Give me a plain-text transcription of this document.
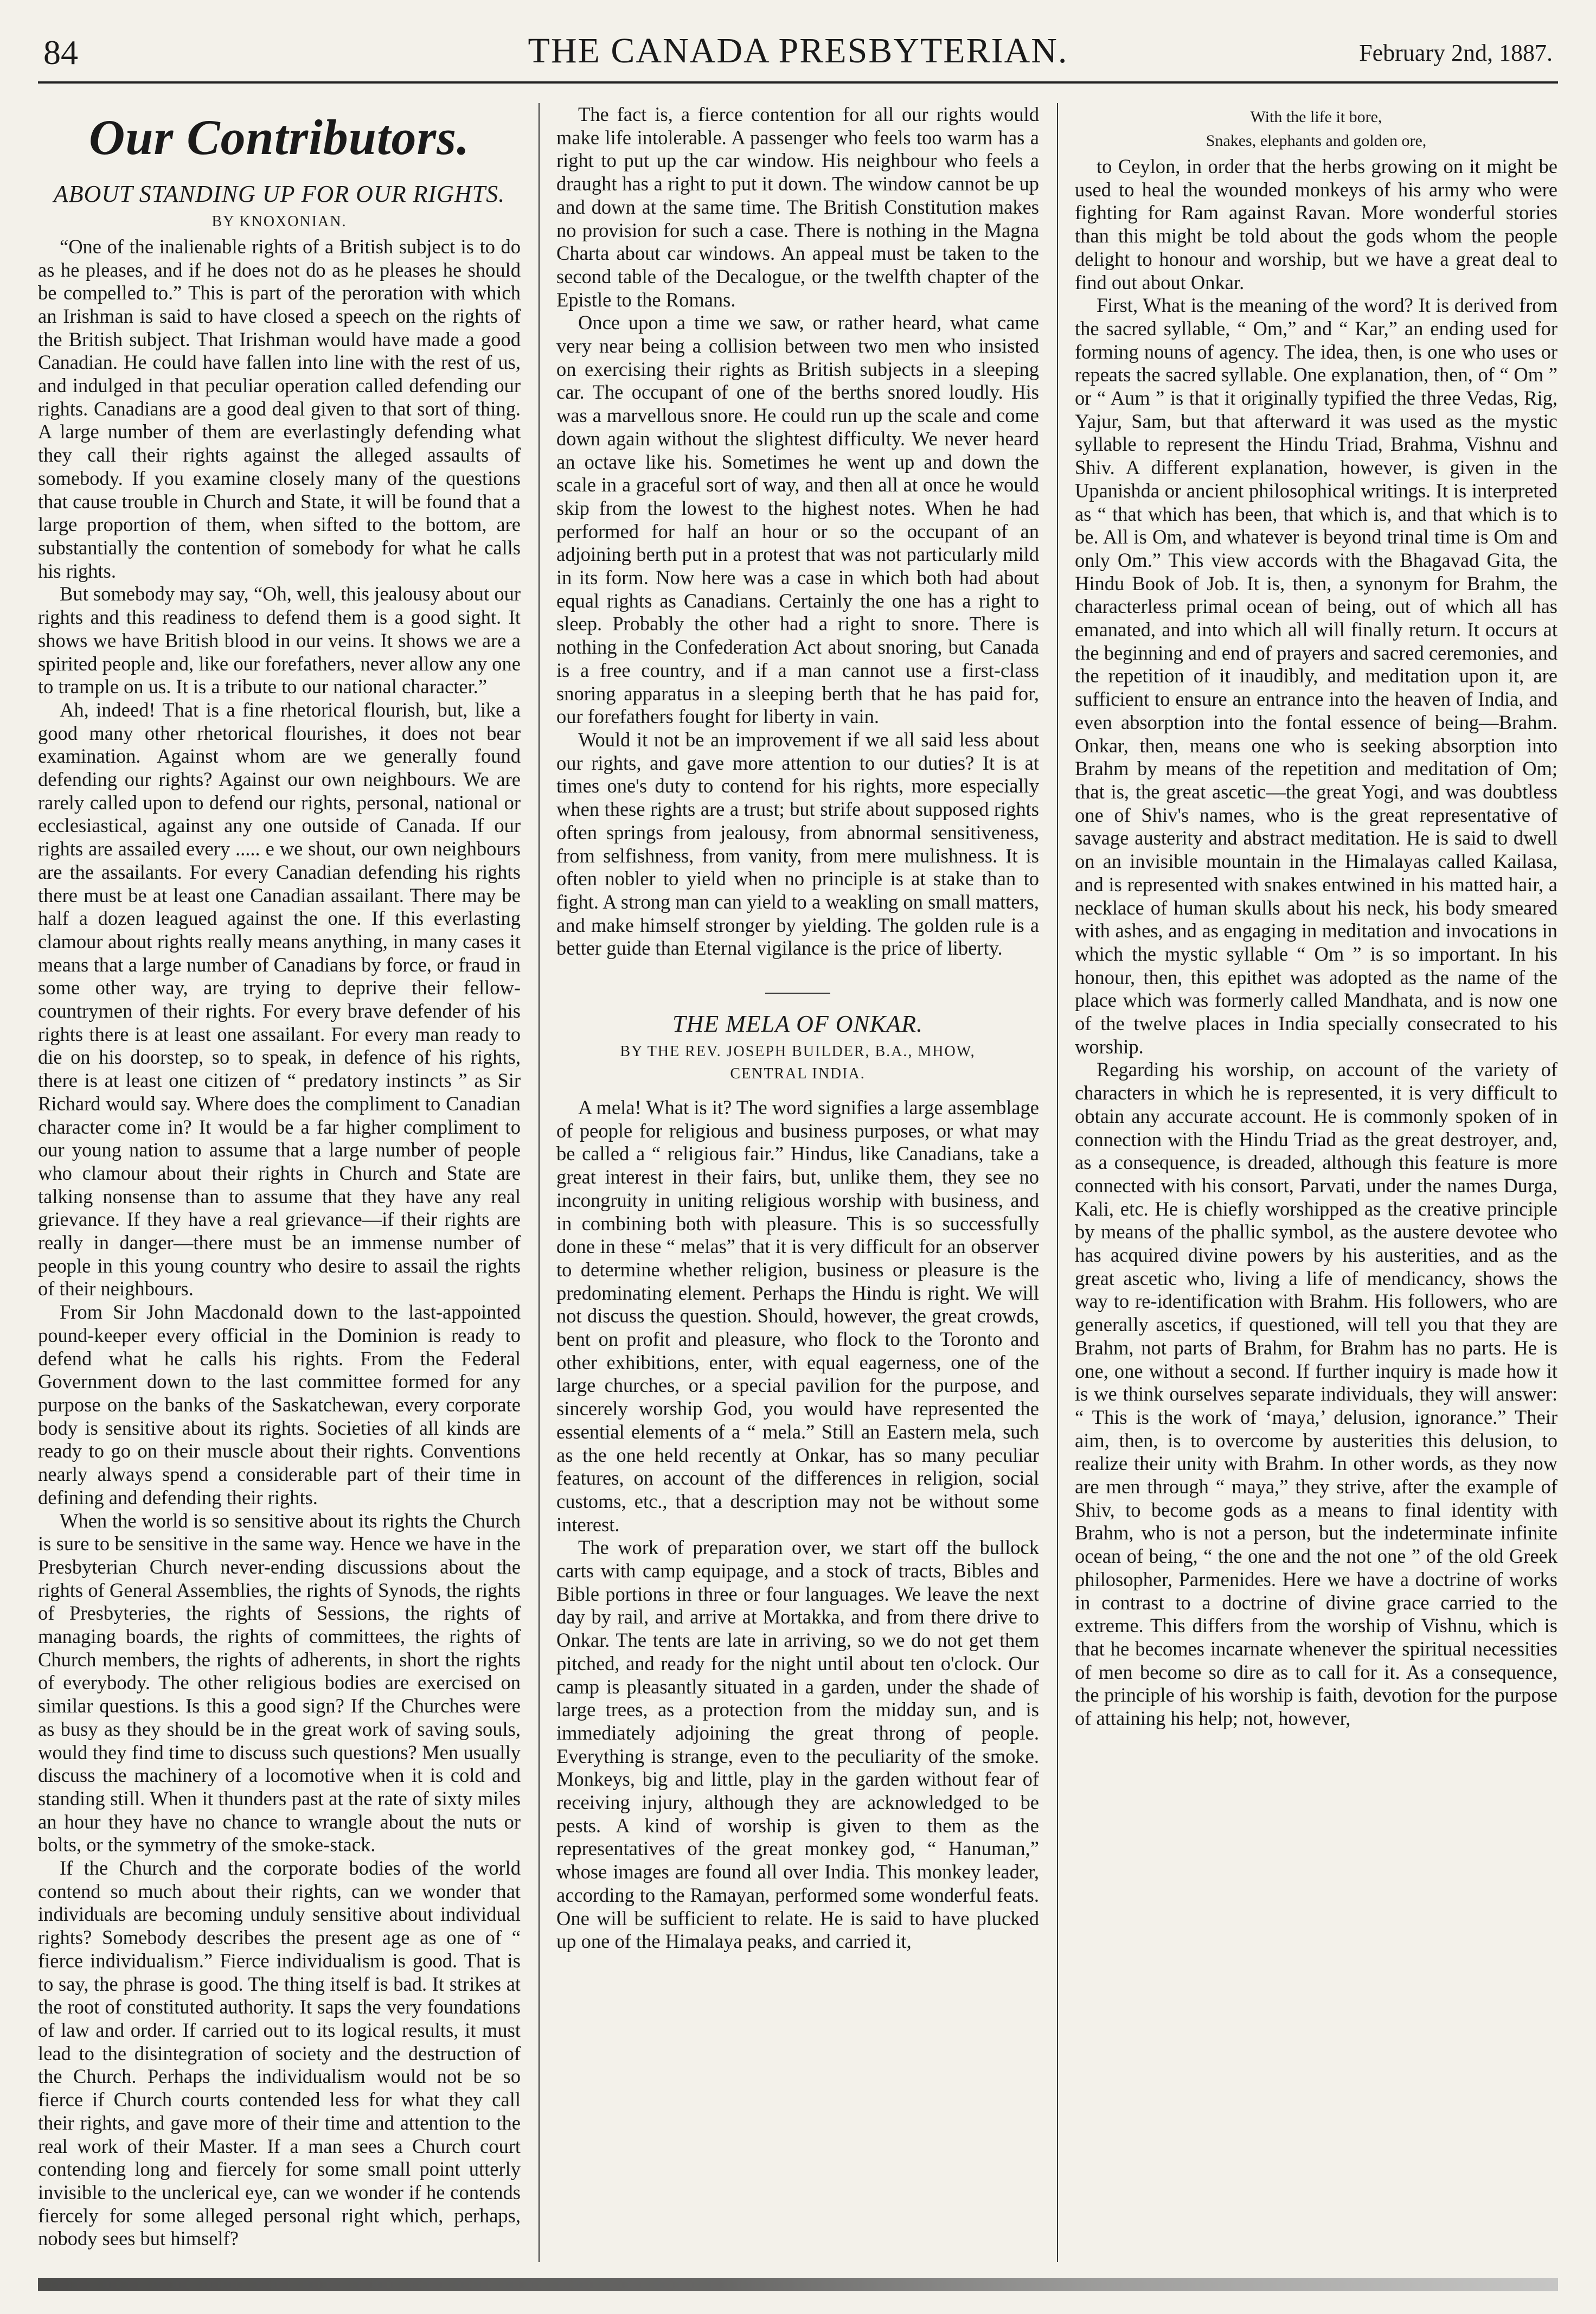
84	THE CANADA PRESBYTERIAN.	February 2nd, 1887.
Our Contributors.
ABOUT STANDING UP FOR OUR RIGHTS.
BY KNOXONIAN.

“One of the inalienable rights of a British subject is to do as he pleases, and if he does not do as he pleases he should be compelled to.” This is part of the peroration with which an Irishman is said to have closed a speech on the rights of the British subject. That Irishman would have made a good Canadian. He could have fallen into line with the rest of us, and indulged in that peculiar operation called defending our rights. Canadians are a good deal given to that sort of thing. A large number of them are everlastingly defending what they call their rights against the alleged assaults of somebody. If you examine closely many of the questions that cause trouble in Church and State, it will be found that a large proportion of them, when sifted to the bottom, are substantially the contention of somebody for what he calls his rights.

But somebody may say, “Oh, well, this jealousy about our rights and this readiness to defend them is a good sight. It shows we have British blood in our veins. It shows we are a spirited people and, like our forefathers, never allow any one to trample on us. It is a tribute to our national character.”

Ah, indeed! That is a fine rhetorical flourish, but, like a good many other rhetorical flourishes, it does not bear examination. Against whom are we generally found defending our rights? Against our own neighbours. We are rarely called upon to defend our rights, personal, national or ecclesiastical, against any one outside of Canada. If our rights are assailed every ..... e we shout, our own neighbours are the assailants. For every Canadian defending his rights there must be at least one Canadian assailant. There may be half a dozen leagued against the one. If this everlasting clamour about rights really means anything, in many cases it means that a large number of Canadians by force, or fraud in some other way, are trying to deprive their fellow-countrymen of their rights. For every brave defender of his rights there is at least one assailant. For every man ready to die on his doorstep, so to speak, in defence of his rights, there is at least one citizen of “ predatory instincts ” as Sir Richard would say. Where does the compliment to Canadian character come in? It would be a far higher compliment to our young nation to assume that a large number of people who clamour about their rights in Church and State are talking nonsense than to assume that they have any real grievance. If they have a real grievance—if their rights are really in danger—there must be an immense number of people in this young country who desire to assail the rights of their neighbours.

From Sir John Macdonald down to the last-appointed pound-keeper every official in the Dominion is ready to defend what he calls his rights. From the Federal Government down to the last committee formed for any purpose on the banks of the Saskatchewan, every corporate body is sensitive about its rights. Societies of all kinds are ready to go on their muscle about their rights. Conventions nearly always spend a considerable part of their time in defining and defending their rights.

When the world is so sensitive about its rights the Church is sure to be sensitive in the same way. Hence we have in the Presbyterian Church never-ending discussions about the rights of General Assemblies, the rights of Synods, the rights of Presbyteries, the rights of Sessions, the rights of managing boards, the rights of committees, the rights of Church members, the rights of adherents, in short the rights of everybody. The other religious bodies are exercised on similar questions. Is this a good sign? If the Churches were as busy as they should be in the great work of saving souls, would they find time to discuss such questions? Men usually discuss the machinery of a locomotive when it is cold and standing still. When it thunders past at the rate of sixty miles an hour they have no chance to wrangle about the nuts or bolts, or the symmetry of the smoke-stack.

If the Church and the corporate bodies of the world contend so much about their rights, can we wonder that individuals are becoming unduly sensitive about individual rights? Somebody describes the present age as one of “ fierce individualism.” Fierce individualism is good. That is to say, the phrase is good. The thing itself is bad. It strikes at the root of constituted authority. It saps the very foundations of law and order. If carried out to its logical results, it must lead to the disintegration of society and the destruction of the Church. Perhaps the individualism would not be so fierce if Church courts contended less for what they call their rights, and gave more of their time and attention to the real work of their Master. If a man sees a Church court contending long and fiercely for some small point utterly invisible to the unclerical eye, can we wonder if he contends fiercely for some alleged personal right which, perhaps, nobody sees but himself?

The fact is, a fierce contention for all our rights would make life intolerable. A passenger who feels too warm has a right to put up the car window. His neighbour who feels a draught has a right to put it down. The window cannot be up and down at the same time. The British Constitution makes no provision for such a case. There is nothing in the Magna Charta about car windows. An appeal must be taken to the second table of the Decalogue, or the twelfth chapter of the Epistle to the Romans.

Once upon a time we saw, or rather heard, what came very near being a collision between two men who insisted on exercising their rights as British subjects in a sleeping car. The occupant of one of the berths snored loudly. His was a marvellous snore. He could run up the scale and come down again without the slightest difficulty. We never heard an octave like his. Sometimes he went up and down the scale in a graceful sort of way, and then all at once he would skip from the lowest to the highest notes. When he had performed for half an hour or so the occupant of an adjoining berth put in a protest that was not particularly mild in its form. Now here was a case in which both had about equal rights as Canadians. Certainly the one has a right to sleep. Probably the other had a right to snore. There is nothing in the Confederation Act about snoring, but Canada is a free country, and if a man cannot use a first-class snoring apparatus in a sleeping berth that he has paid for, our forefathers fought for liberty in vain.

Would it not be an improvement if we all said less about our rights, and gave more attention to our duties? It is at times one's duty to contend for his rights, more especially when these rights are a trust; but strife about supposed rights often springs from jealousy, from abnormal sensitiveness, from selfishness, from vanity, from mere mulishness. It is often nobler to yield when no principle is at stake than to fight. A strong man can yield to a weakling on small matters, and make himself stronger by yielding. The golden rule is a better guide than Eternal vigilance is the price of liberty.

THE MELA OF ONKAR.
BY THE REV. JOSEPH BUILDER, B.A., MHOW,
CENTRAL INDIA.

A mela! What is it? The word signifies a large assemblage of people for religious and business purposes, or what may be called a “ religious fair.” Hindus, like Canadians, take a great interest in their fairs, but, unlike them, they see no incongruity in uniting religious worship with business, and in combining both with pleasure. This is so successfully done in these “ melas” that it is very difficult for an observer to determine whether religion, business or pleasure is the predominating element. Perhaps the Hindu is right. We will not discuss the question. Should, however, the great crowds, bent on profit and pleasure, who flock to the Toronto and other exhibitions, enter, with equal eagerness, one of the large churches, or a special pavilion for the purpose, and sincerely worship God, you would have represented the essential elements of a “ mela.” Still an Eastern mela, such as the one held recently at Onkar, has so many peculiar features, on account of the differences in religion, social customs, etc., that a description may not be without some interest.

The work of preparation over, we start off the bullock carts with camp equipage, and a stock of tracts, Bibles and Bible portions in three or four languages. We leave the next day by rail, and arrive at Mortakka, and from there drive to Onkar. The tents are late in arriving, so we do not get them pitched, and ready for the night until about ten o'clock. Our camp is pleasantly situated in a garden, under the shade of large trees, as a protection from the midday sun, and is immediately adjoining the great throng of people. Everything is strange, even to the peculiarity of the smoke. Monkeys, big and little, play in the garden without fear of receiving injury, although they are acknowledged to be pests. A kind of worship is given to them as the representatives of the great monkey god, “ Hanuman,” whose images are found all over India. This monkey leader, according to the Ramayan, performed some wonderful feats. One will be sufficient to relate. He is said to have plucked up one of the Himalaya peaks, and carried it,

With the life it bore,
Snakes, elephants and golden ore,

to Ceylon, in order that the herbs growing on it might be used to heal the wounded monkeys of his army who were fighting for Ram against Ravan. More wonderful stories than this might be told about the gods whom the people delight to honour and worship, but we have a great deal to find out about Onkar.

First, What is the meaning of the word? It is derived from the sacred syllable, “ Om,” and “ Kar,” an ending used for forming nouns of agency. The idea, then, is one who uses or repeats the sacred syllable. One explanation, then, of “ Om ” or “ Aum ” is that it originally typified the three Vedas, Rig, Yajur, Sam, but that afterward it was used as the mystic syllable to represent the Hindu Triad, Brahma, Vishnu and Shiv. A different explanation, however, is given in the Upanishda or ancient philosophical writings. It is interpreted as “ that which has been, that which is, and that which is to be. All is Om, and whatever is beyond trinal time is Om and only Om.” This view accords with the Bhagavad Gita, the Hindu Book of Job. It is, then, a synonym for Brahm, the characterless primal ocean of being, out of which all has emanated, and into which all will finally return. It occurs at the beginning and end of prayers and sacred ceremonies, and the repetition of it inaudibly, and meditation upon it, are sufficient to ensure an entrance into the heaven of India, and even absorption into the fontal essence of being—Brahm. Onkar, then, means one who is seeking absorption into Brahm by means of the repetition and meditation of Om; that is, the great ascetic—the great Yogi, and was doubtless one of Shiv's names, who is the great representative of savage austerity and abstract meditation. He is said to dwell on an invisible mountain in the Himalayas called Kailasa, and is represented with snakes entwined in his matted hair, a necklace of human skulls about his neck, his body smeared with ashes, and as engaging in meditation and invocations in which the mystic syllable “ Om ” is so important. In his honour, then, this epithet was adopted as the name of the place which was formerly called Mandhata, and is now one of the twelve places in India specially consecrated to his worship.

Regarding his worship, on account of the variety of characters in which he is represented, it is very difficult to obtain any accurate account. He is commonly spoken of in connection with the Hindu Triad as the great destroyer, and, as a consequence, is dreaded, although this feature is more connected with his consort, Parvati, under the names Durga, Kali, etc. He is chiefly worshipped as the creative principle by means of the phallic symbol, as the austere devotee who has acquired divine powers by his austerities, and as the great ascetic who, living a life of mendicancy, shows the way to re-identification with Brahm. His followers, who are generally ascetics, if questioned, will tell you that they are Brahm, not parts of Brahm, for Brahm has no parts. He is one, one without a second. If further inquiry is made how it is we think ourselves separate individuals, they will answer: “ This is the work of ‘maya,’ delusion, ignorance.” Their aim, then, is to overcome by austerities this delusion, to realize their unity with Brahm. In other words, as they now are men through “ maya,” they strive, after the example of Shiv, to become gods as a means to final identity with Brahm, who is not a person, but the indeterminate infinite ocean of being, “ the one and the not one ” of the old Greek philosopher, Parmenides. Here we have a doctrine of works in contrast to a doctrine of divine grace carried to the extreme. This differs from the worship of Vishnu, which is that he becomes incarnate whenever the spiritual necessities of men become so dire as to call for it. As a consequence, the principle of his worship is faith, devotion for the purpose of attaining his help; not, however,
